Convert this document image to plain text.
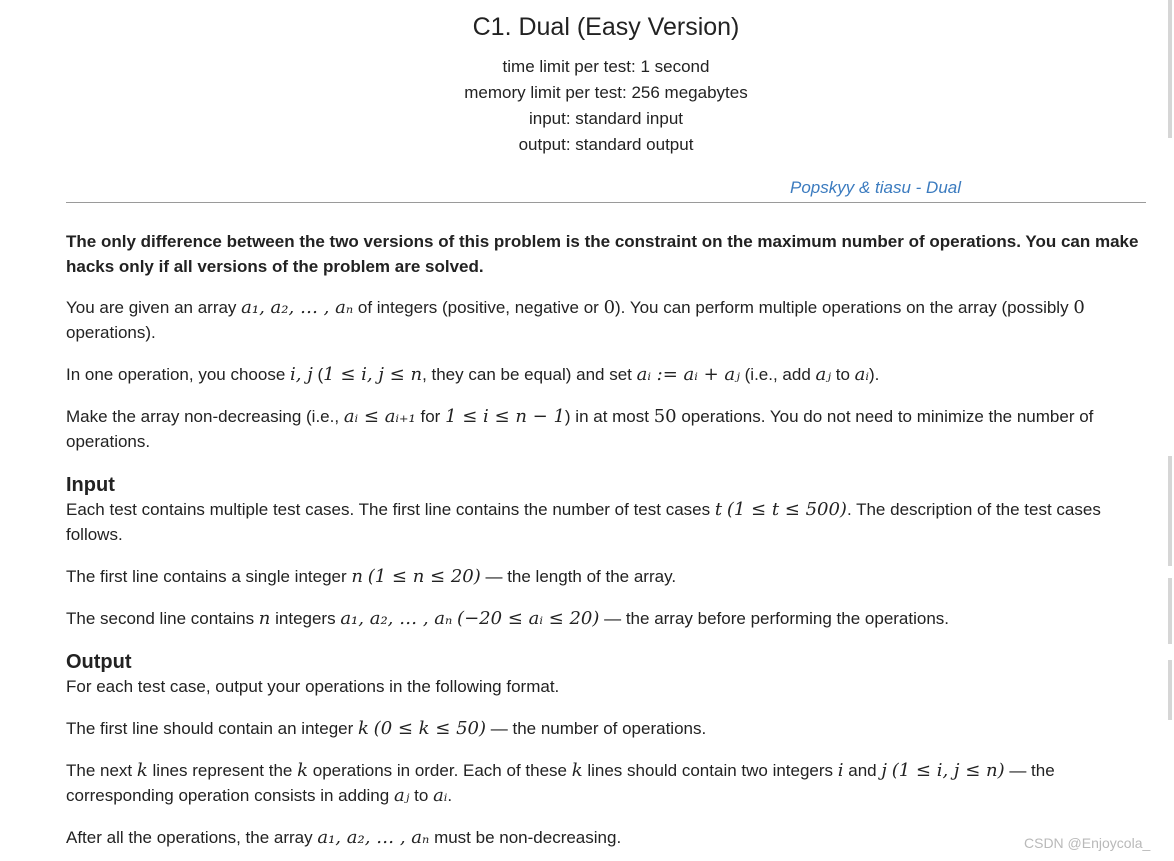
C1. Dual (Easy Version)
time limit per test: 1 second
memory limit per test: 256 megabytes
input: standard input
output: standard output
Popskyy & tiasu - Dual

The only difference between the two versions of this problem is the constraint on the maximum number of operations. You can make hacks only if all versions of the problem are solved.

You are given an array a₁, a₂, … , aₙ of integers (positive, negative or 0). You can perform multiple operations on the array (possibly 0 operations).

In one operation, you choose i, j (1 ≤ i, j ≤ n, they can be equal) and set aᵢ := aᵢ + aⱼ (i.e., add aⱼ to aᵢ).

Make the array non-decreasing (i.e., aᵢ ≤ aᵢ₊₁ for 1 ≤ i ≤ n − 1) in at most 50 operations. You do not need to minimize the number of operations.

Input

Each test contains multiple test cases. The first line contains the number of test cases t (1 ≤ t ≤ 500). The description of the test cases follows.

The first line contains a single integer n (1 ≤ n ≤ 20) — the length of the array.

The second line contains n integers a₁, a₂, … , aₙ (−20 ≤ aᵢ ≤ 20) — the array before performing the operations.

Output

For each test case, output your operations in the following format.

The first line should contain an integer k (0 ≤ k ≤ 50) — the number of operations.

The next k lines represent the k operations in order. Each of these k lines should contain two integers i and j (1 ≤ i, j ≤ n) — the corresponding operation consists in adding aⱼ to aᵢ.

After all the operations, the array a₁, a₂, … , aₙ must be non-decreasing.	CSDN @Enjoycola_
